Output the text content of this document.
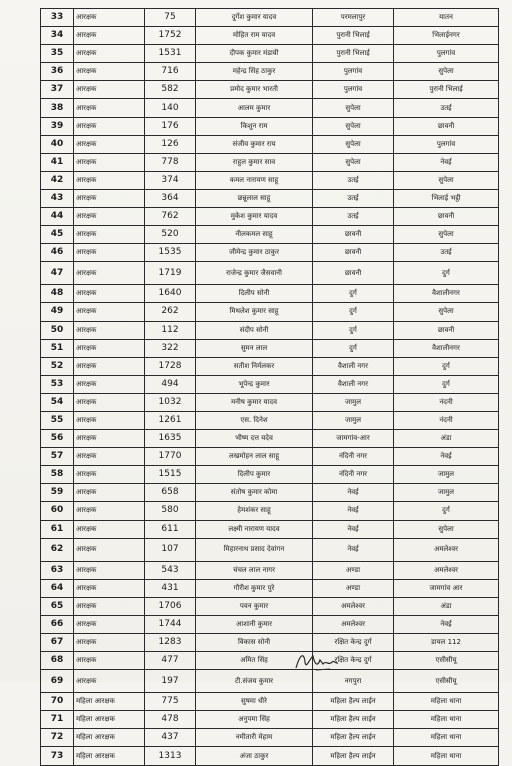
33	आरक्षक	75	दुर्गेश कुमार यादव	परमलापुर	यातन
34	आरक्षक	1752	मोहित राम यादव	पुरानी भिलाई	भिलाईनगर
35	आरक्षक	1531	दीपक कुमार मंडावी	पुरानी भिलाई	पुलगांव
36	आरक्षक	716	महेन्द्र सिंह ठाकुर	पुलगांव	सुपेला
37	आरक्षक	582	प्रमोद कुमार भारती	पुलगांव	पुरानी भिलाई
38	आरक्षक	140	आलम कुमार	सुपेला	उतई
39	आरक्षक	176	किशुन राम	सुपेला	छावनी
40	आरक्षक	126	संजीव कुमार राय	सुपेला	पुलगांव
41	आरक्षक	778	राहुल कुमार साव	सुपेला	नेवई
42	आरक्षक	374	कमल नारायण साहू	उतई	सुपेला
43	आरक्षक	364	छन्नूलाल साहू	उतई	भिलाई भट्ठी
44	आरक्षक	762	मुकेश कुमार यादव	उतई	छावनी
45	आरक्षक	520	नीलकमल साहू	छावनी	सुपेला
46	आरक्षक	1535	जीमेन्द्र कुमार ठाकुर	छावनी	उतई
47	आरक्षक	1719	राजेन्द्र कुमार जैसवानी	छावनी	दुर्ग
48	आरक्षक	1640	दिलीप सोनी	दुर्ग	वैशालीनगर
49	आरक्षक	262	मिथलेश कुमार साहू	दुर्ग	सुपेला
50	आरक्षक	112	संदीप सोनी	दुर्ग	छावनी
51	आरक्षक	322	सुमन लाल	दुर्ग	वैशालीनगर
52	आरक्षक	1728	सतीश निर्मलकर	वैशाली नगर	दुर्ग
53	आरक्षक	494	भूपेन्द्र कुमार	वैशाली नगर	दुर्ग
54	आरक्षक	1032	मनीष कुमार यादव	जामुल	नंदनी
55	आरक्षक	1261	एस. दिनेश	जामुल	नंदनी
56	आरक्षक	1635	भीष्म दत्त यदेव	जामगांव-आर	अंडा
57	आरक्षक	1770	लखमोहन लाल साहू	नंदिनी नगर	नेवई
58	आरक्षक	1515	दिलीप कुमार	नंदिनी नगर	जामुल
59	आरक्षक	658	संतोष कुमार कोमा	नेवई	जामुल
60	आरक्षक	580	हेमशंकर साहू	नेवई	दुर्ग
61	आरक्षक	611	लक्ष्मी नारायण यादव	नेवई	सुपेला
62	आरक्षक	107	मिहारनाथ प्रसाद देवांगन	नेवई	अमलेश्वर
63	आरक्षक	543	चंचल लाल नागर	अण्डा	अमलेश्वर
64	आरक्षक	431	गौरीश कुमार पुरे	अण्डा	जामगांव आर
65	आरक्षक	1706	पवन कुमार	अमलेश्वर	अंडा
66	आरक्षक	1744	आशानी कुमार	अमलेश्वर	नेवई
67	आरक्षक	1283	विकास सोनी	रक्षित केन्द्र दुर्ग	डायल 112
68	आरक्षक	477	अमित सिंह	रक्षित केन्द्र दुर्ग	एसीसीयू
69	आरक्षक	197	टी.संजय कुमार	नगपुरा	एसीसीयू
70	महिला आरक्षक	775	सुषमा धीरे	महिला हैल्प लाईन	महिला थाना
71	महिला आरक्षक	478	अनुपमा सिंह	महिला हैल्प लाईन	महिला थाना
72	महिला आरक्षक	437	नमीतारी मेहाम	महिला हैल्प लाईन	महिला थाना
73	महिला आरक्षक	1313	अंजा ठाकुर	महिला हैल्प लाईन	महिला थाना
